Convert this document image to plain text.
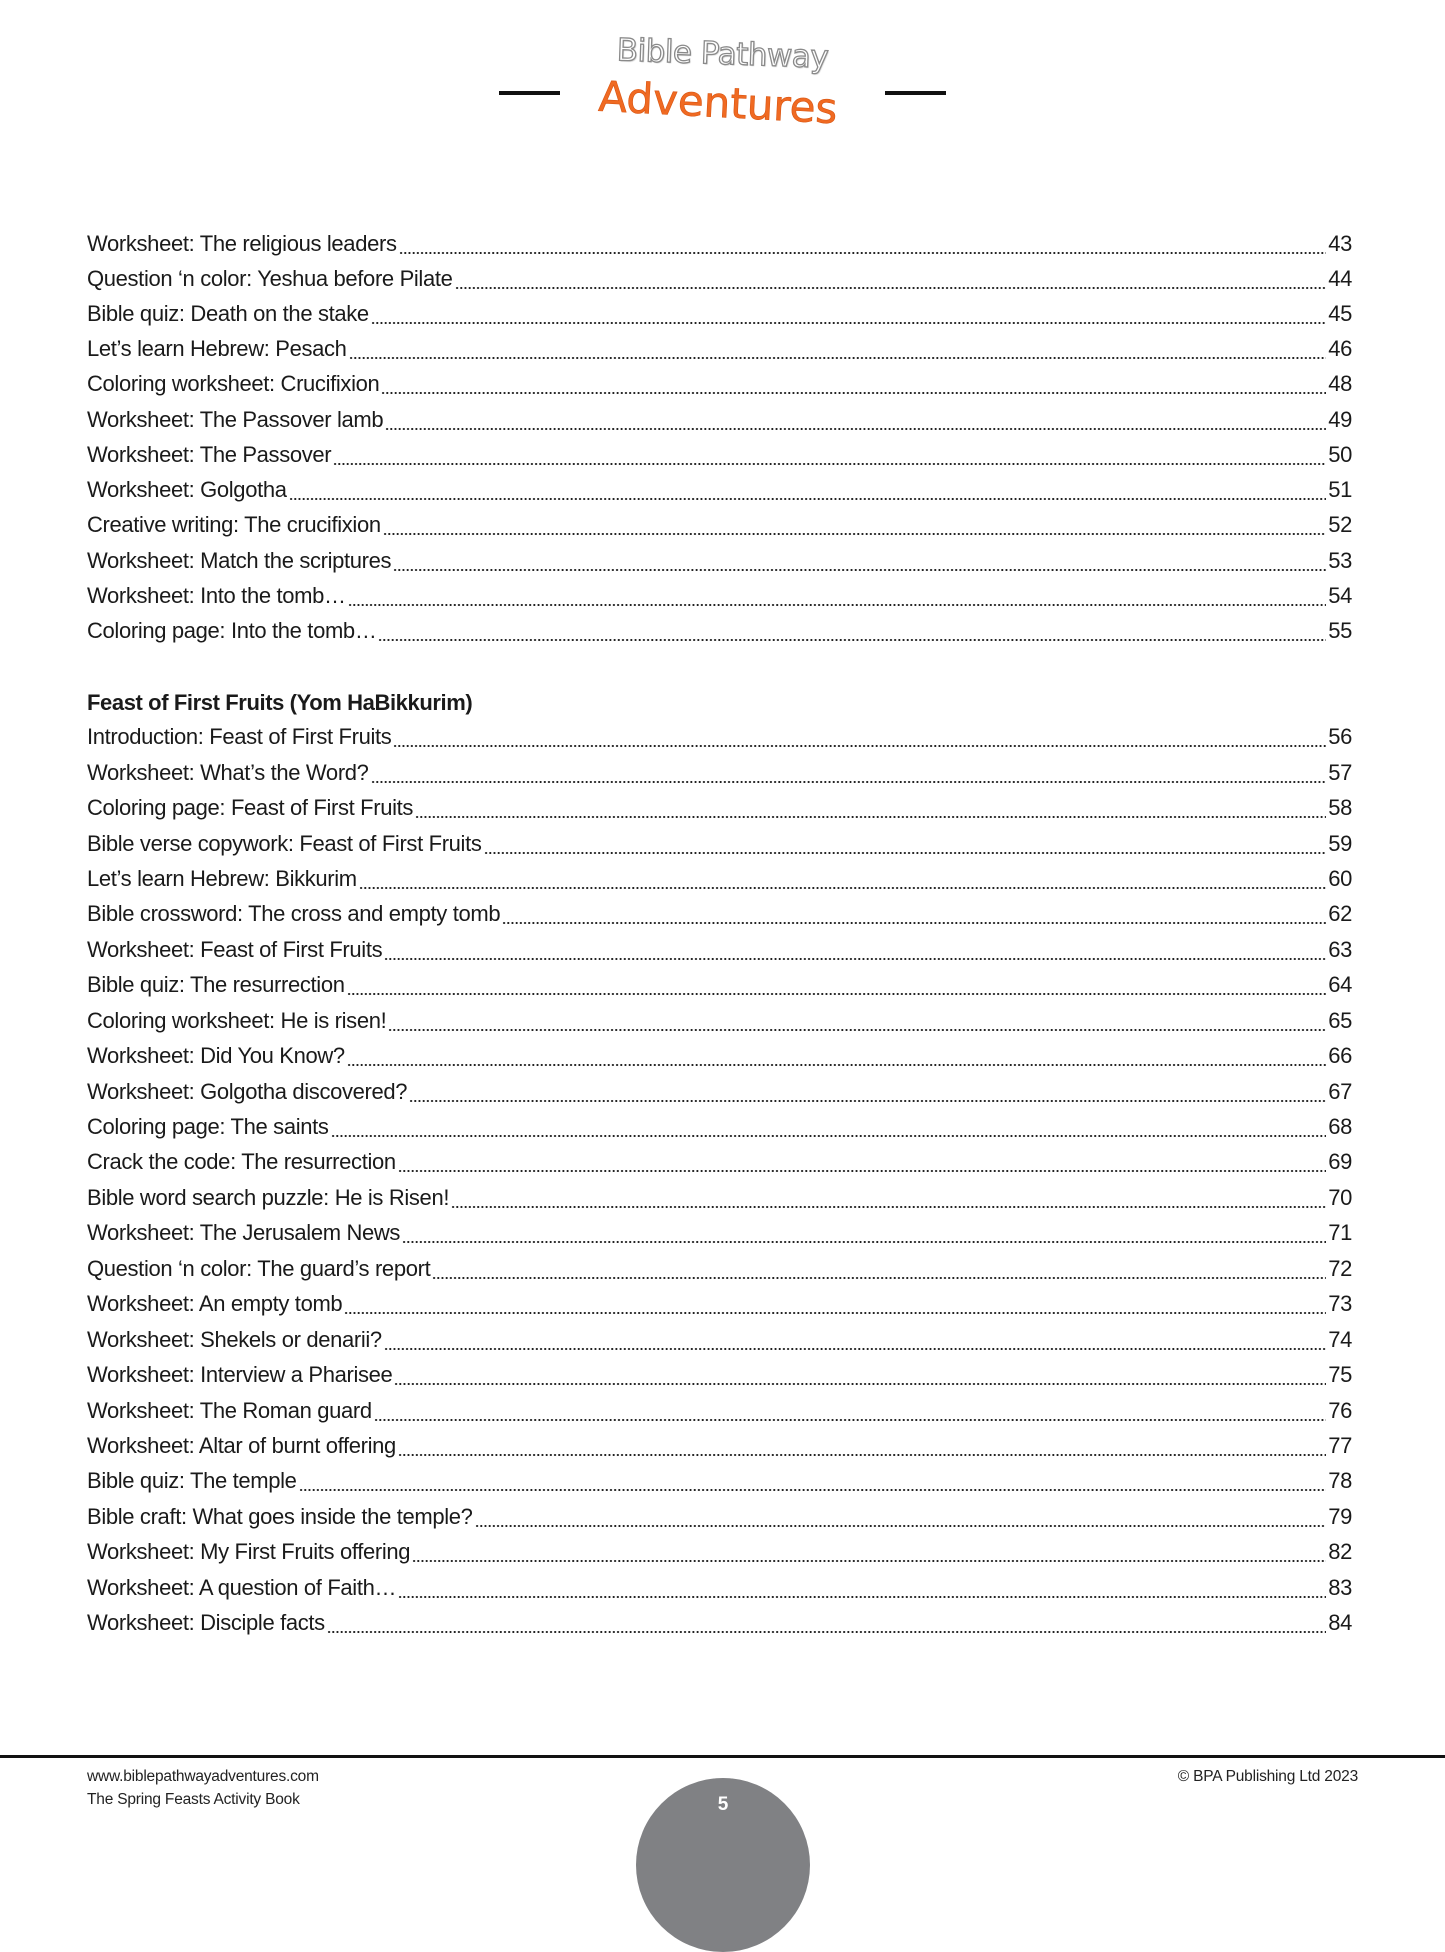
Bible Pathway
Adventures
Worksheet: The religious leaders	43
Question ‘n color: Yeshua before Pilate	44
Bible quiz: Death on the stake	45
Let’s learn Hebrew: Pesach	46
Coloring worksheet: Crucifixion	48
Worksheet: The Passover lamb	49
Worksheet: The Passover	50
Worksheet: Golgotha	51
Creative writing: The crucifixion	52
Worksheet: Match the scriptures	53
Worksheet: Into the tomb…	54
Coloring page: Into the tomb…	55
Feast of First Fruits (Yom HaBikkurim)
Introduction: Feast of First Fruits	56
Worksheet: What’s the Word?	57
Coloring page: Feast of First Fruits	58
Bible verse copywork: Feast of First Fruits	59
Let’s learn Hebrew: Bikkurim	60
Bible crossword: The cross and empty tomb	62
Worksheet: Feast of First Fruits	63
Bible quiz: The resurrection	64
Coloring worksheet: He is risen!	65
Worksheet: Did You Know?	66
Worksheet: Golgotha discovered?	67
Coloring page: The saints	68
Crack the code: The resurrection	69
Bible word search puzzle: He is Risen!	70
Worksheet: The Jerusalem News	71
Question ‘n color: The guard’s report	72
Worksheet: An empty tomb	73
Worksheet: Shekels or denarii?	74
Worksheet: Interview a Pharisee	75
Worksheet: The Roman guard	76
Worksheet: Altar of burnt offering	77
Bible quiz: The temple	78
Bible craft: What goes inside the temple?	79
Worksheet: My First Fruits offering	82
Worksheet: A question of Faith…	83
Worksheet: Disciple facts	84
www.biblepathwayadventures.com
The Spring Feasts Activity Book
© BPA Publishing Ltd 2023
5
